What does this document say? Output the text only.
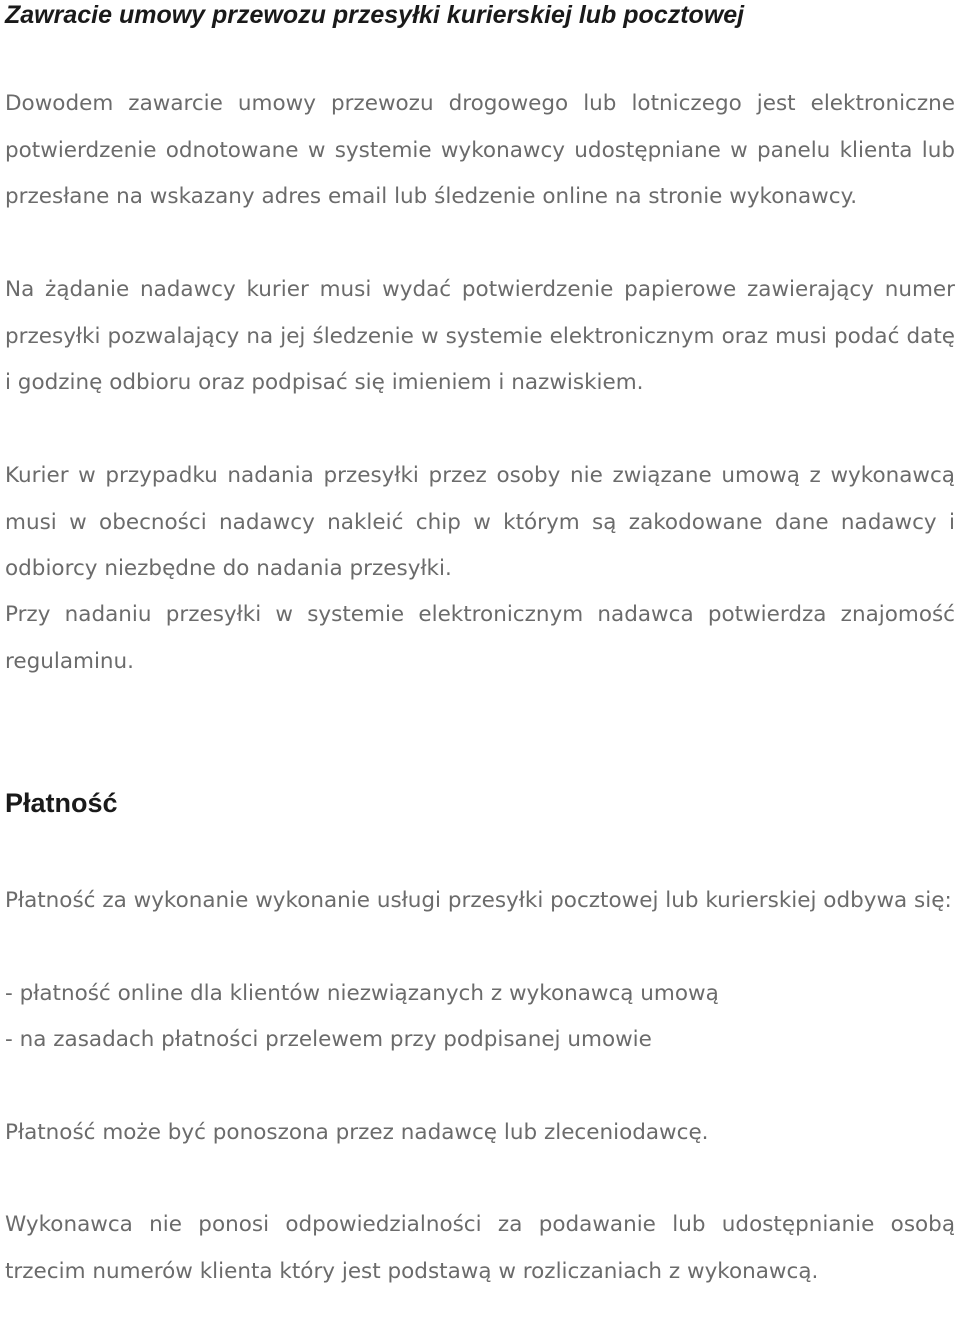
Zawracie umowy przewozu przesyłki kurierskiej lub pocztowej

Dowodem zawarcie umowy przewozu drogowego lub lotniczego jest elektroniczne potwierdzenie odnotowane w systemie wykonawcy udostępniane w panelu klienta lub przesłane na wskazany adres email lub śledzenie online na stronie wykonawcy.

Na żądanie nadawcy kurier musi wydać potwierdzenie papierowe zawierający numer przesyłki pozwalający na jej śledzenie w systemie elektronicznym oraz musi podać datę i godzinę odbioru oraz podpisać się imieniem i nazwiskiem.

Kurier w przypadku nadania przesyłki przez osoby nie związane umową z wykonawcą musi w obecności nadawcy nakleić chip w którym są zakodowane dane nadawcy i odbiorcy niezbędne do nadania przesyłki.

Przy nadaniu przesyłki w systemie elektronicznym nadawca potwierdza znajomość regulaminu.

Płatność

Płatność za wykonanie wykonanie usługi przesyłki pocztowej lub kurierskiej odbywa się:

- płatność online dla klientów niezwiązanych z wykonawcą umową

- na zasadach płatności przelewem przy podpisanej umowie

Płatność może być ponoszona przez nadawcę lub zleceniodawcę.

Wykonawca nie ponosi odpowiedzialności za podawanie lub udostępnianie osobą trzecim numerów klienta który jest podstawą w rozliczaniach z wykonawcą.
